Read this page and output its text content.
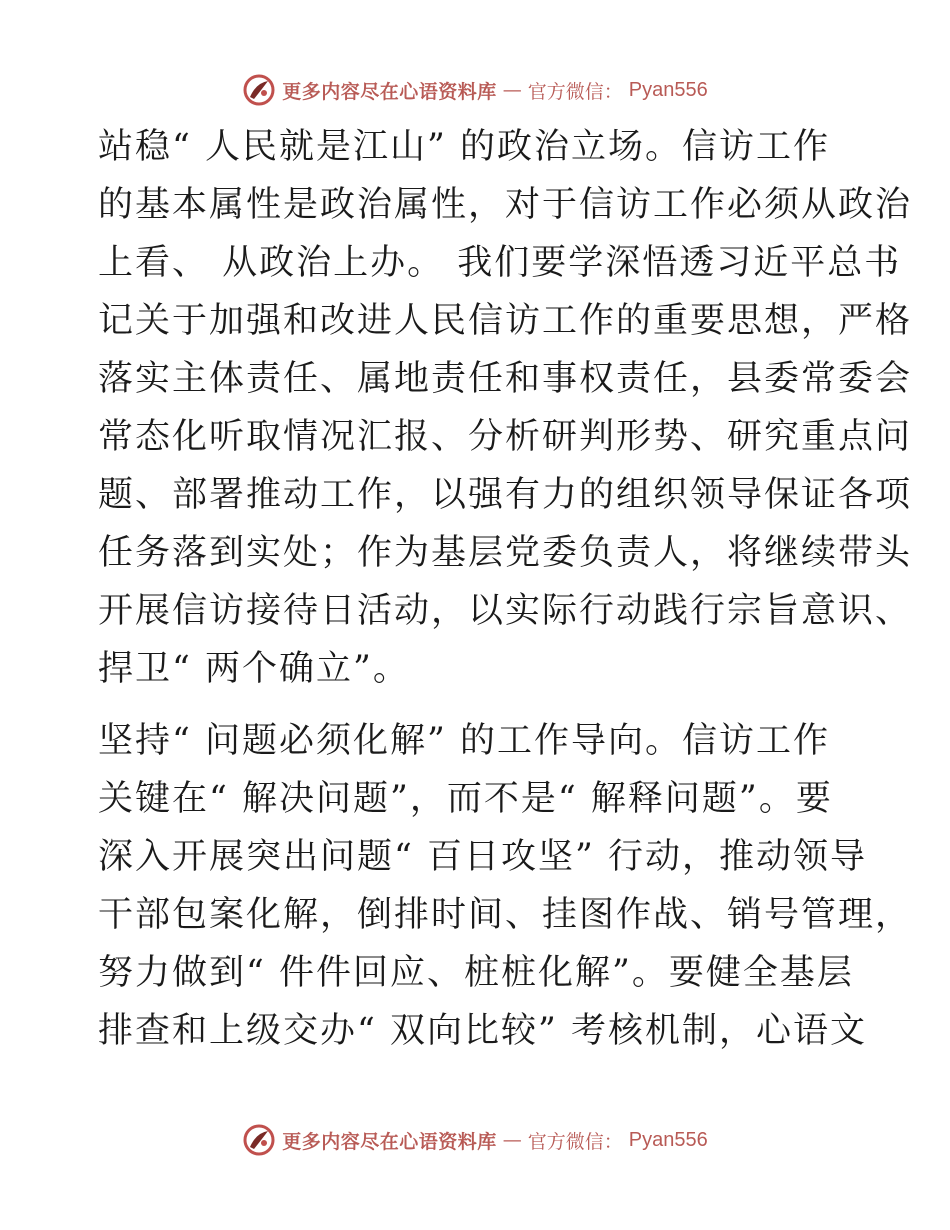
更多内容尽在心语资料库 — 官方微信： Pyan556
站稳“ 人民就是江山” 的政治立场。信访工作
的基本属性是政治属性，对于信访工作必须从政治
上看、 从政治上办。 我们要学深悟透习近平总书
记关于加强和改进人民信访工作的重要思想，严格
落实主体责任、属地责任和事权责任，县委常委会
常态化听取情况汇报、分析研判形势、研究重点问
题、部署推动工作，以强有力的组织领导保证各项
任务落到实处；作为基层党委负责人，将继续带头
开展信访接待日活动，以实际行动践行宗旨意识、
捍卫“ 两个确立”。
坚持“ 问题必须化解” 的工作导向。信访工作
关键在“ 解决问题”，而不是“ 解释问题”。要
深入开展突出问题“ 百日攻坚” 行动，推动领导
干部包案化解，倒排时间、挂图作战、销号管理，
努力做到“ 件件回应、桩桩化解”。要健全基层
排查和上级交办“ 双向比较” 考核机制，心语文
更多内容尽在心语资料库 — 官方微信： Pyan556
